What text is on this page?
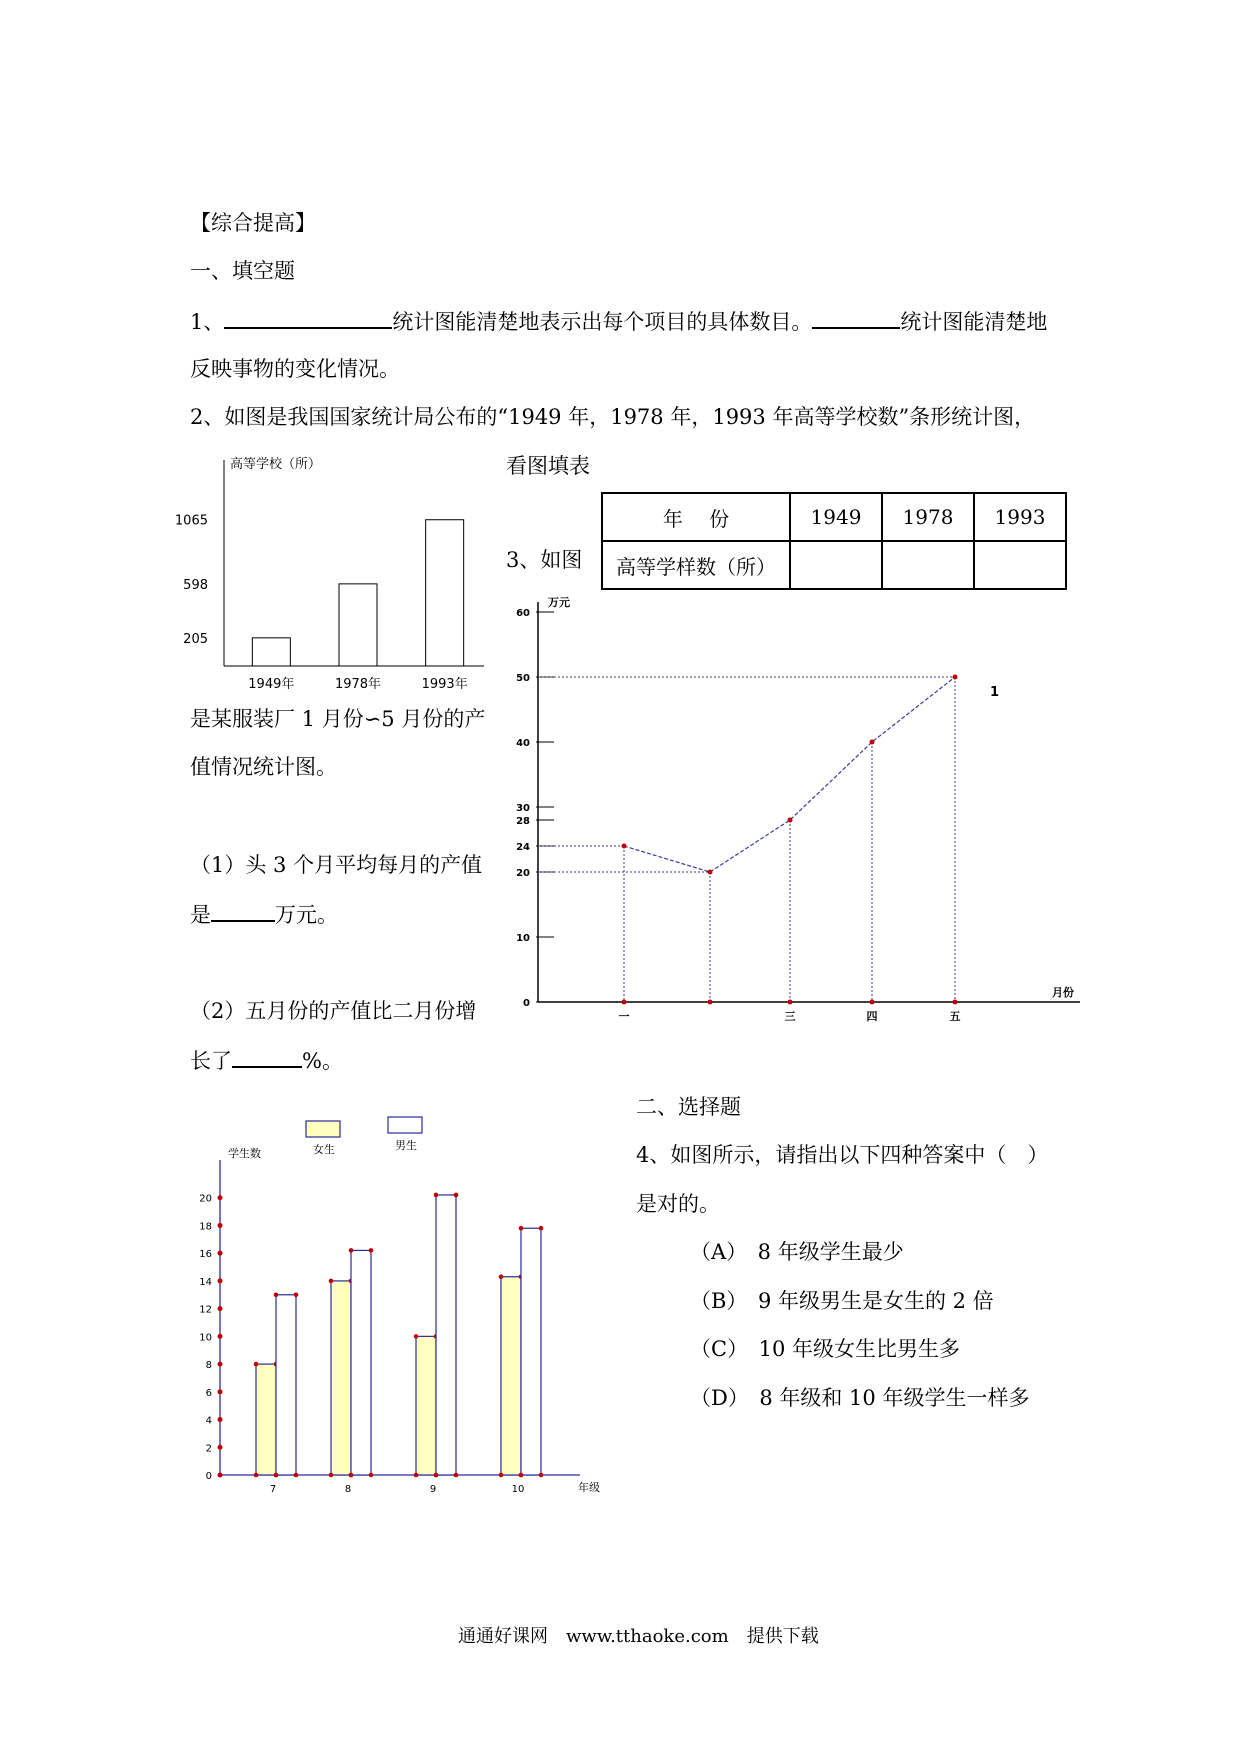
【综合提高】
一、填空题
1、	统计图能清楚地表示出每个项目的具体数目。	统计图能清楚地
反映事物的变化情况。
2、如图是我国国家统计局公布的“1949 年，1978 年，1993 年高等学校数”条形统计图，
看图填表
年　 份	1949	1978	1993
高等学样数（所）			
3、如图
是某服装厂 1 月份∽5 月份的产
值情况统计图。
（1）头 3 个月平均每月的产值
是	万元。
（2）五月份的产值比二月份增
长了	%。
二、选择题
4、如图所示，请指出以下四种答案中（　）
是对的。
（A）　 8 年级学生最少
（B）　 9 年级男生是女生的 2 倍
（C）　 10 年级女生比男生多
（D）　 8 年级和 10 年级学生一样多
通通好课网　www.tthaoke.com　提供下载
高等学校（所）
1949年	1978年	1993年
205
598
1065
万元
月份
0
10
20
24
28
30
40
50
60
一	三	四	五
1
学生数
年级
0
2
4
6
8
10
12
14
16
18
20
7	8	9	10
女生	男生
